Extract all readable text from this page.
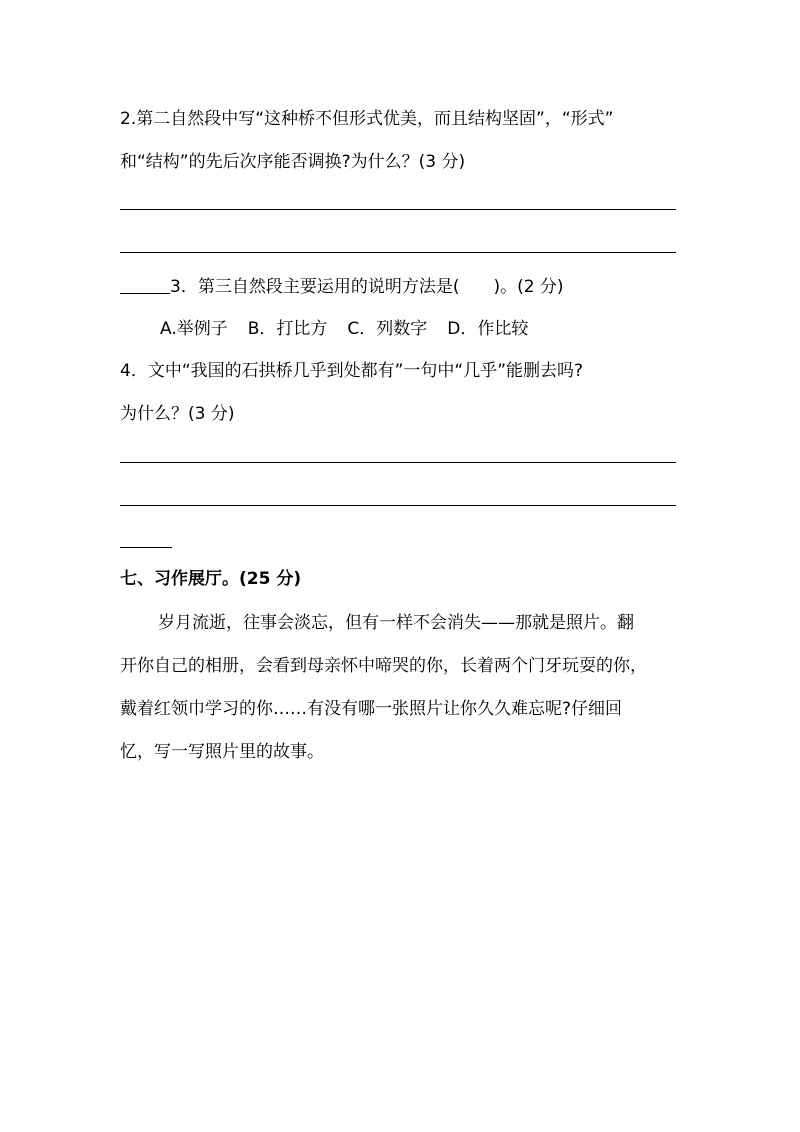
2.第二自然段中写“这种桥不但形式优美，而且结构坚固”，“形式”
和“结构”的先后次序能否调换?为什么？(3 分)
3．第三自然段主要运用的说明方法是(　　)。(2 分)
A.举例子 B．打比方 C．列数字 D．作比较
4．文中“我国的石拱桥几乎到处都有”一句中“几乎”能删去吗?
为什么？(3 分)
七、习作展厅。(25 分)
岁月流逝，往事会淡忘，但有一样不会消失——那就是照片。翻
开你自己的相册，会看到母亲怀中啼哭的你，长着两个门牙玩耍的你，
戴着红领巾学习的你……有没有哪一张照片让你久久难忘呢?仔细回
忆，写一写照片里的故事。
